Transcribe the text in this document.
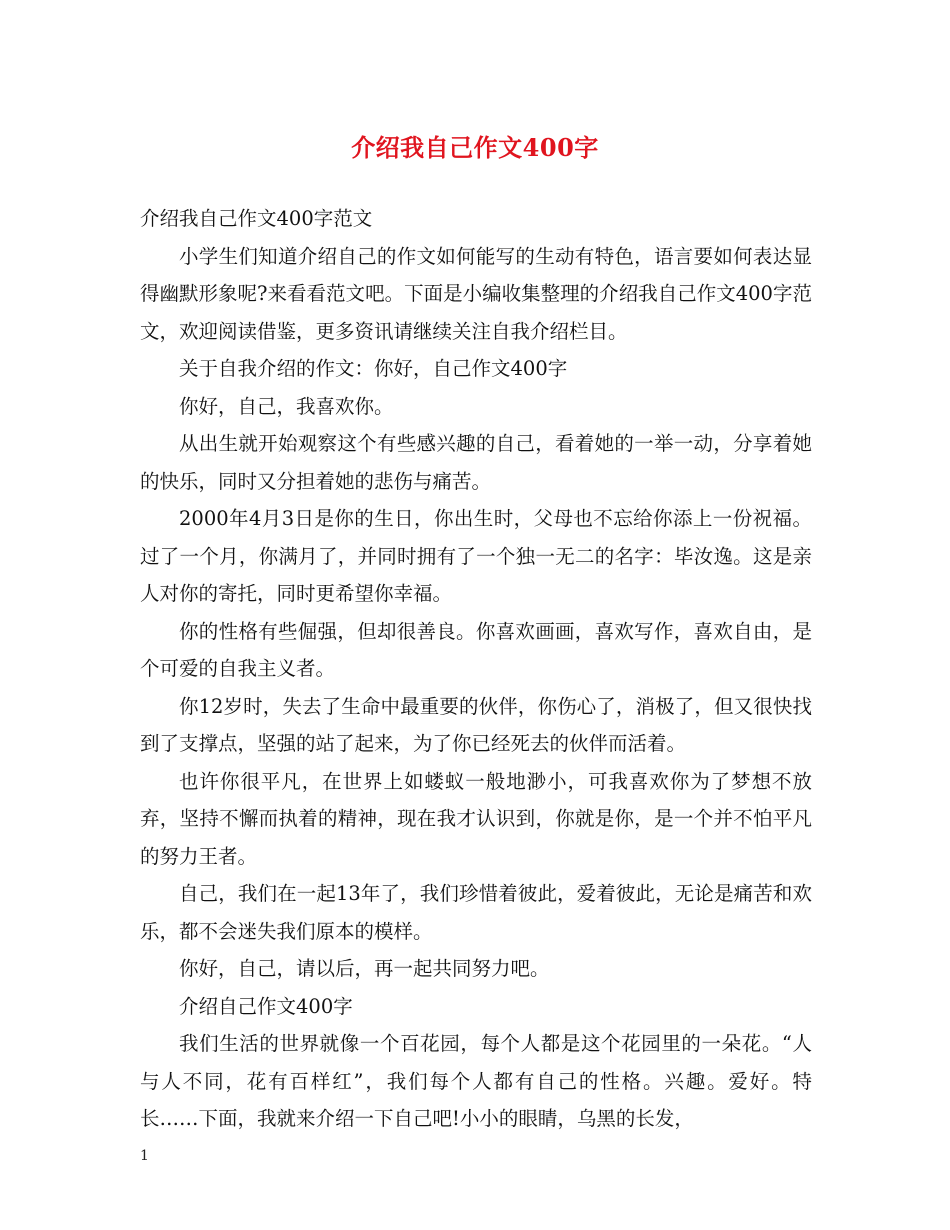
介绍我自己作文400字

介绍我自己作文400字范文

小学生们知道介绍自己的作文如何能写的生动有特色，语言要如何表达显得幽默形象呢?来看看范文吧。下面是小编收集整理的介绍我自己作文400字范文，欢迎阅读借鉴，更多资讯请继续关注自我介绍栏目。

关于自我介绍的作文：你好，自己作文400字

你好，自己，我喜欢你。

从出生就开始观察这个有些感兴趣的自己，看着她的一举一动，分享着她的快乐，同时又分担着她的悲伤与痛苦。

2000年4月3日是你的生日，你出生时，父母也不忘给你添上一份祝福。过了一个月，你满月了，并同时拥有了一个独一无二的名字：毕汝逸。这是亲人对你的寄托，同时更希望你幸福。

你的性格有些倔强，但却很善良。你喜欢画画，喜欢写作，喜欢自由，是个可爱的自我主义者。

你12岁时，失去了生命中最重要的伙伴，你伤心了，消极了，但又很快找到了支撑点，坚强的站了起来，为了你已经死去的伙伴而活着。

也许你很平凡，在世界上如蝼蚁一般地渺小，可我喜欢你为了梦想不放弃，坚持不懈而执着的精神，现在我才认识到，你就是你，是一个并不怕平凡的努力王者。

自己，我们在一起13年了，我们珍惜着彼此，爱着彼此，无论是痛苦和欢乐，都不会迷失我们原本的模样。

你好，自己，请以后，再一起共同努力吧。

介绍自己作文400字

我们生活的世界就像一个百花园，每个人都是这个花园里的一朵花。“人与人不同，花有百样红”，我们每个人都有自己的性格。兴趣。爱好。特长……下面，我就来介绍一下自己吧!小小的眼睛，乌黑的长发，

1
